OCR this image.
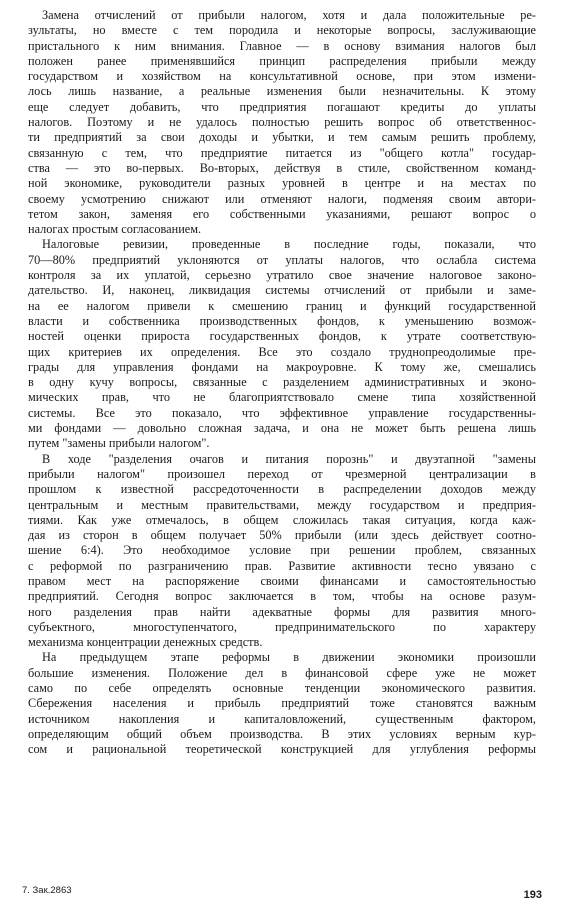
Замена отчислений от прибыли налогом, хотя и дала положительные ре-
зультаты, но вместе с тем породила и некоторые вопросы, заслуживающие
пристального к ним внимания. Главное — в основу взимания налогов был
положен ранее применявшийся принцип распределения прибыли между
государством и хозяйством на консультативной основе, при этом измени-
лось лишь название, а реальные изменения были незначительны. К этому
еще следует добавить, что предприятия погашают кредиты до уплаты
налогов. Поэтому и не удалось полностью решить вопрос об ответственнос-
ти предприятий за свои доходы и убытки, и тем самым решить проблему,
связанную с тем, что предприятие питается из "общего котла" государ-
ства — это во-первых. Во-вторых, действуя в стиле, свойственном команд-
ной экономике, руководители разных уровней в центре и на местах по
своему усмотрению снижают или отменяют налоги, подменяя своим автори-
тетом закон, заменяя его собственными указаниями, решают вопрос о
налогах простым согласованием.
Налоговые ревизии, проведенные в последние годы, показали, что
70—80% предприятий уклоняются от уплаты налогов, что ослабла система
контроля за их уплатой, серьезно утратило свое значение налоговое законо-
дательство. И, наконец, ликвидация системы отчислений от прибыли и заме-
на ее налогом привели к смешению границ и функций государственной
власти и собственника производственных фондов, к уменьшению возмож-
ностей оценки прироста государственных фондов, к утрате соответствую-
щих критериев их определения. Все это создало труднопреодолимые пре-
грады для управления фондами на макроуровне. К тому же, смешались
в одну кучу вопросы, связанные с разделением административных и эконо-
мических прав, что не благоприятствовало смене типа хозяйственной
системы. Все это показало, что эффективное управление государственны-
ми фондами — довольно сложная задача, и она не может быть решена лишь
путем "замены прибыли налогом".
В ходе "разделения очагов и питания порознь" и двуэтапной "замены
прибыли налогом" произошел переход от чрезмерной централизации в
прошлом к известной рассредоточенности в распределении доходов между
центральным и местным правительствами, между государством и предприя-
тиями. Как уже отмечалось, в общем сложилась такая ситуация, когда каж-
дая из сторон в общем получает 50% прибыли (или здесь действует соотно-
шение 6:4). Это необходимое условие при решении проблем, связанных
с реформой по разграничению прав. Развитие активности тесно увязано с
правом мест на распоряжение своими финансами и самостоятельностью
предприятий. Сегодня вопрос заключается в том, чтобы на основе разум-
ного разделения прав найти адекватные формы для развития много-
субъектного, многоступенчатого, предпринимательского по характеру
механизма концентрации денежных средств.
На предыдущем этапе реформы в движении экономики произошли
большие изменения. Положение дел в финансовой сфере уже не может
само по себе определять основные тенденции экономического развития.
Сбережения населения и прибыль предприятий тоже становятся важным
источником накопления и капиталовложений, существенным фактором,
определяющим общий объем производства. В этих условиях верным кур-
сом и рациональной теоретической конструкцией для углубления реформы
7. Зак.2863	193
